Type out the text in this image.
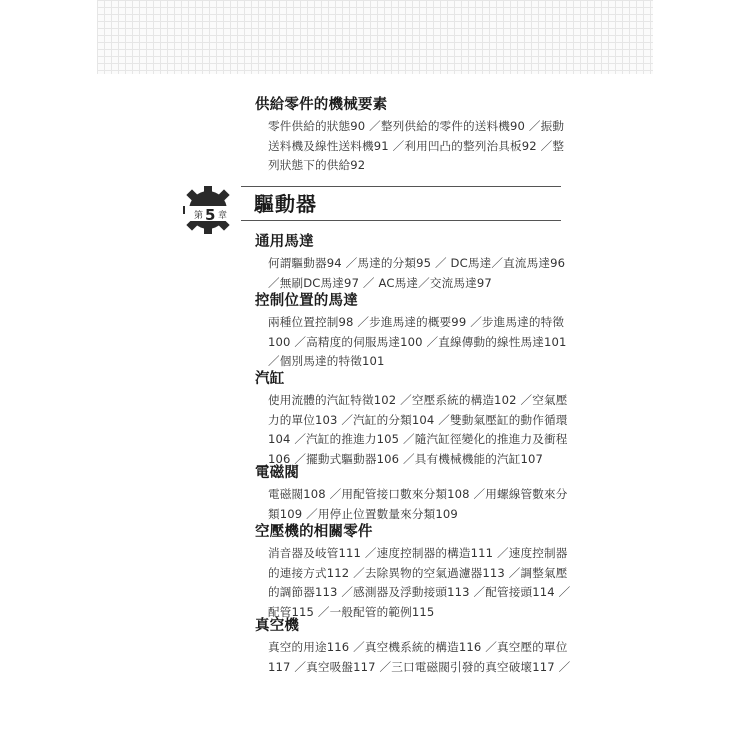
供給零件的機械要素
零件供給的狀態90 ／整列供給的零件的送料機90 ／振動
送料機及線性送料機91 ／利用凹凸的整列治具板92 ／整
列狀態下的供給92
第 5 章 驅動器
通用馬達
何謂驅動器94 ／馬達的分類95 ／ DC馬達／直流馬達96
／無刷DC馬達97 ／ AC馬達／交流馬達97
控制位置的馬達
兩種位置控制98 ／步進馬達的概要99 ／步進馬達的特徵
100 ／高精度的伺服馬達100 ／直線傳動的線性馬達101
／個別馬達的特徵101
汽缸
使用流體的汽缸特徵102 ／空壓系統的構造102 ／空氣壓
力的單位103 ／汽缸的分類104 ／雙動氣壓缸的動作循環
104 ／汽缸的推進力105 ／隨汽缸徑變化的推進力及衝程
106 ／擺動式驅動器106 ／具有機械機能的汽缸107
電磁閥
電磁閥108 ／用配管接口數來分類108 ／用螺線管數來分
類109 ／用停止位置數量來分類109
空壓機的相關零件
消音器及岐管111 ／速度控制器的構造111 ／速度控制器
的連接方式112 ／去除異物的空氣過濾器113 ／調整氣壓
的調節器113 ／感測器及浮動接頭113 ／配管接頭114 ／
配管115 ／一般配管的範例115
真空機
真空的用途116 ／真空機系統的構造116 ／真空壓的單位
117 ／真空吸盤117 ／三口電磁閥引發的真空破壞117 ／
